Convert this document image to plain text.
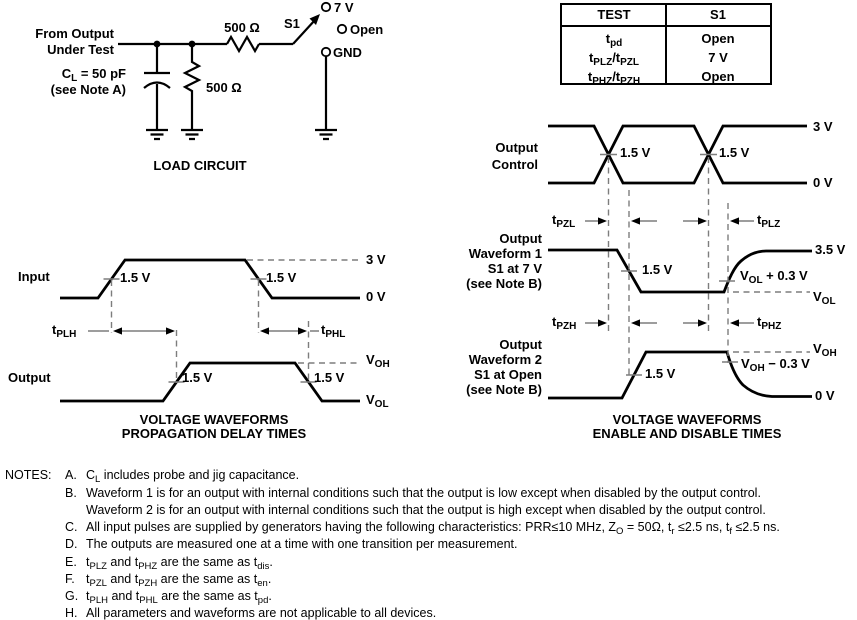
From Output
Under Test
500 Ω	S1
7 V
Open
GND
$C_L = 50$ pF
(see Note A)	500 Ω
LOAD CIRCUIT
TEST	S1
$t_{pd}$	Open
$t_{PLZ}/t_{PZL}$	7 V
$t_{PHZ}/t_{PZH}$	Open
Input
3 V
0 V
1.5 V	1.5 V
$t_{PLH}$	$t_{PHL}$
Output
$V_{OH}$
$V_{OL}$
1.5 V	1.5 V
VOLTAGE WAVEFORMS
PROPAGATION DELAY TIMES
Output
Control
3 V
0 V
1.5 V	1.5 V
$t_{PZL}$	$t_{PLZ}$
Output
Waveform 1
S1 at 7 V
(see Note B)
3.5 V
1.5 V	$V_{OL} + 0.3$ V
$V_{OL}$
$t_{PZH}$	$t_{PHZ}$
Output
Waveform 2
S1 at Open
(see Note B)
$V_{OH}$
$V_{OH} - 0.3$ V
1.5 V
0 V
VOLTAGE WAVEFORMS
ENABLE AND DISABLE TIMES
NOTES: A. $C_L$ includes probe and jig capacitance.
B. Waveform 1 is for an output with internal conditions such that the output is low except when disabled by the output control.
Waveform 2 is for an output with internal conditions such that the output is high except when disabled by the output control.
C. All input pulses are supplied by generators having the following characteristics: PRR≤10 MHz, $Z_O = 50\Omega$, $t_r \le 2.5$ ns, $t_f \le 2.5$ ns.
D. The outputs are measured one at a time with one transition per measurement.
E. $t_{PLZ}$ and $t_{PHZ}$ are the same as $t_{dis}$.
F. $t_{PZL}$ and $t_{PZH}$ are the same as $t_{en}$.
G. $t_{PLH}$ and $t_{PHL}$ are the same as $t_{pd}$.
H. All parameters and waveforms are not applicable to all devices.
